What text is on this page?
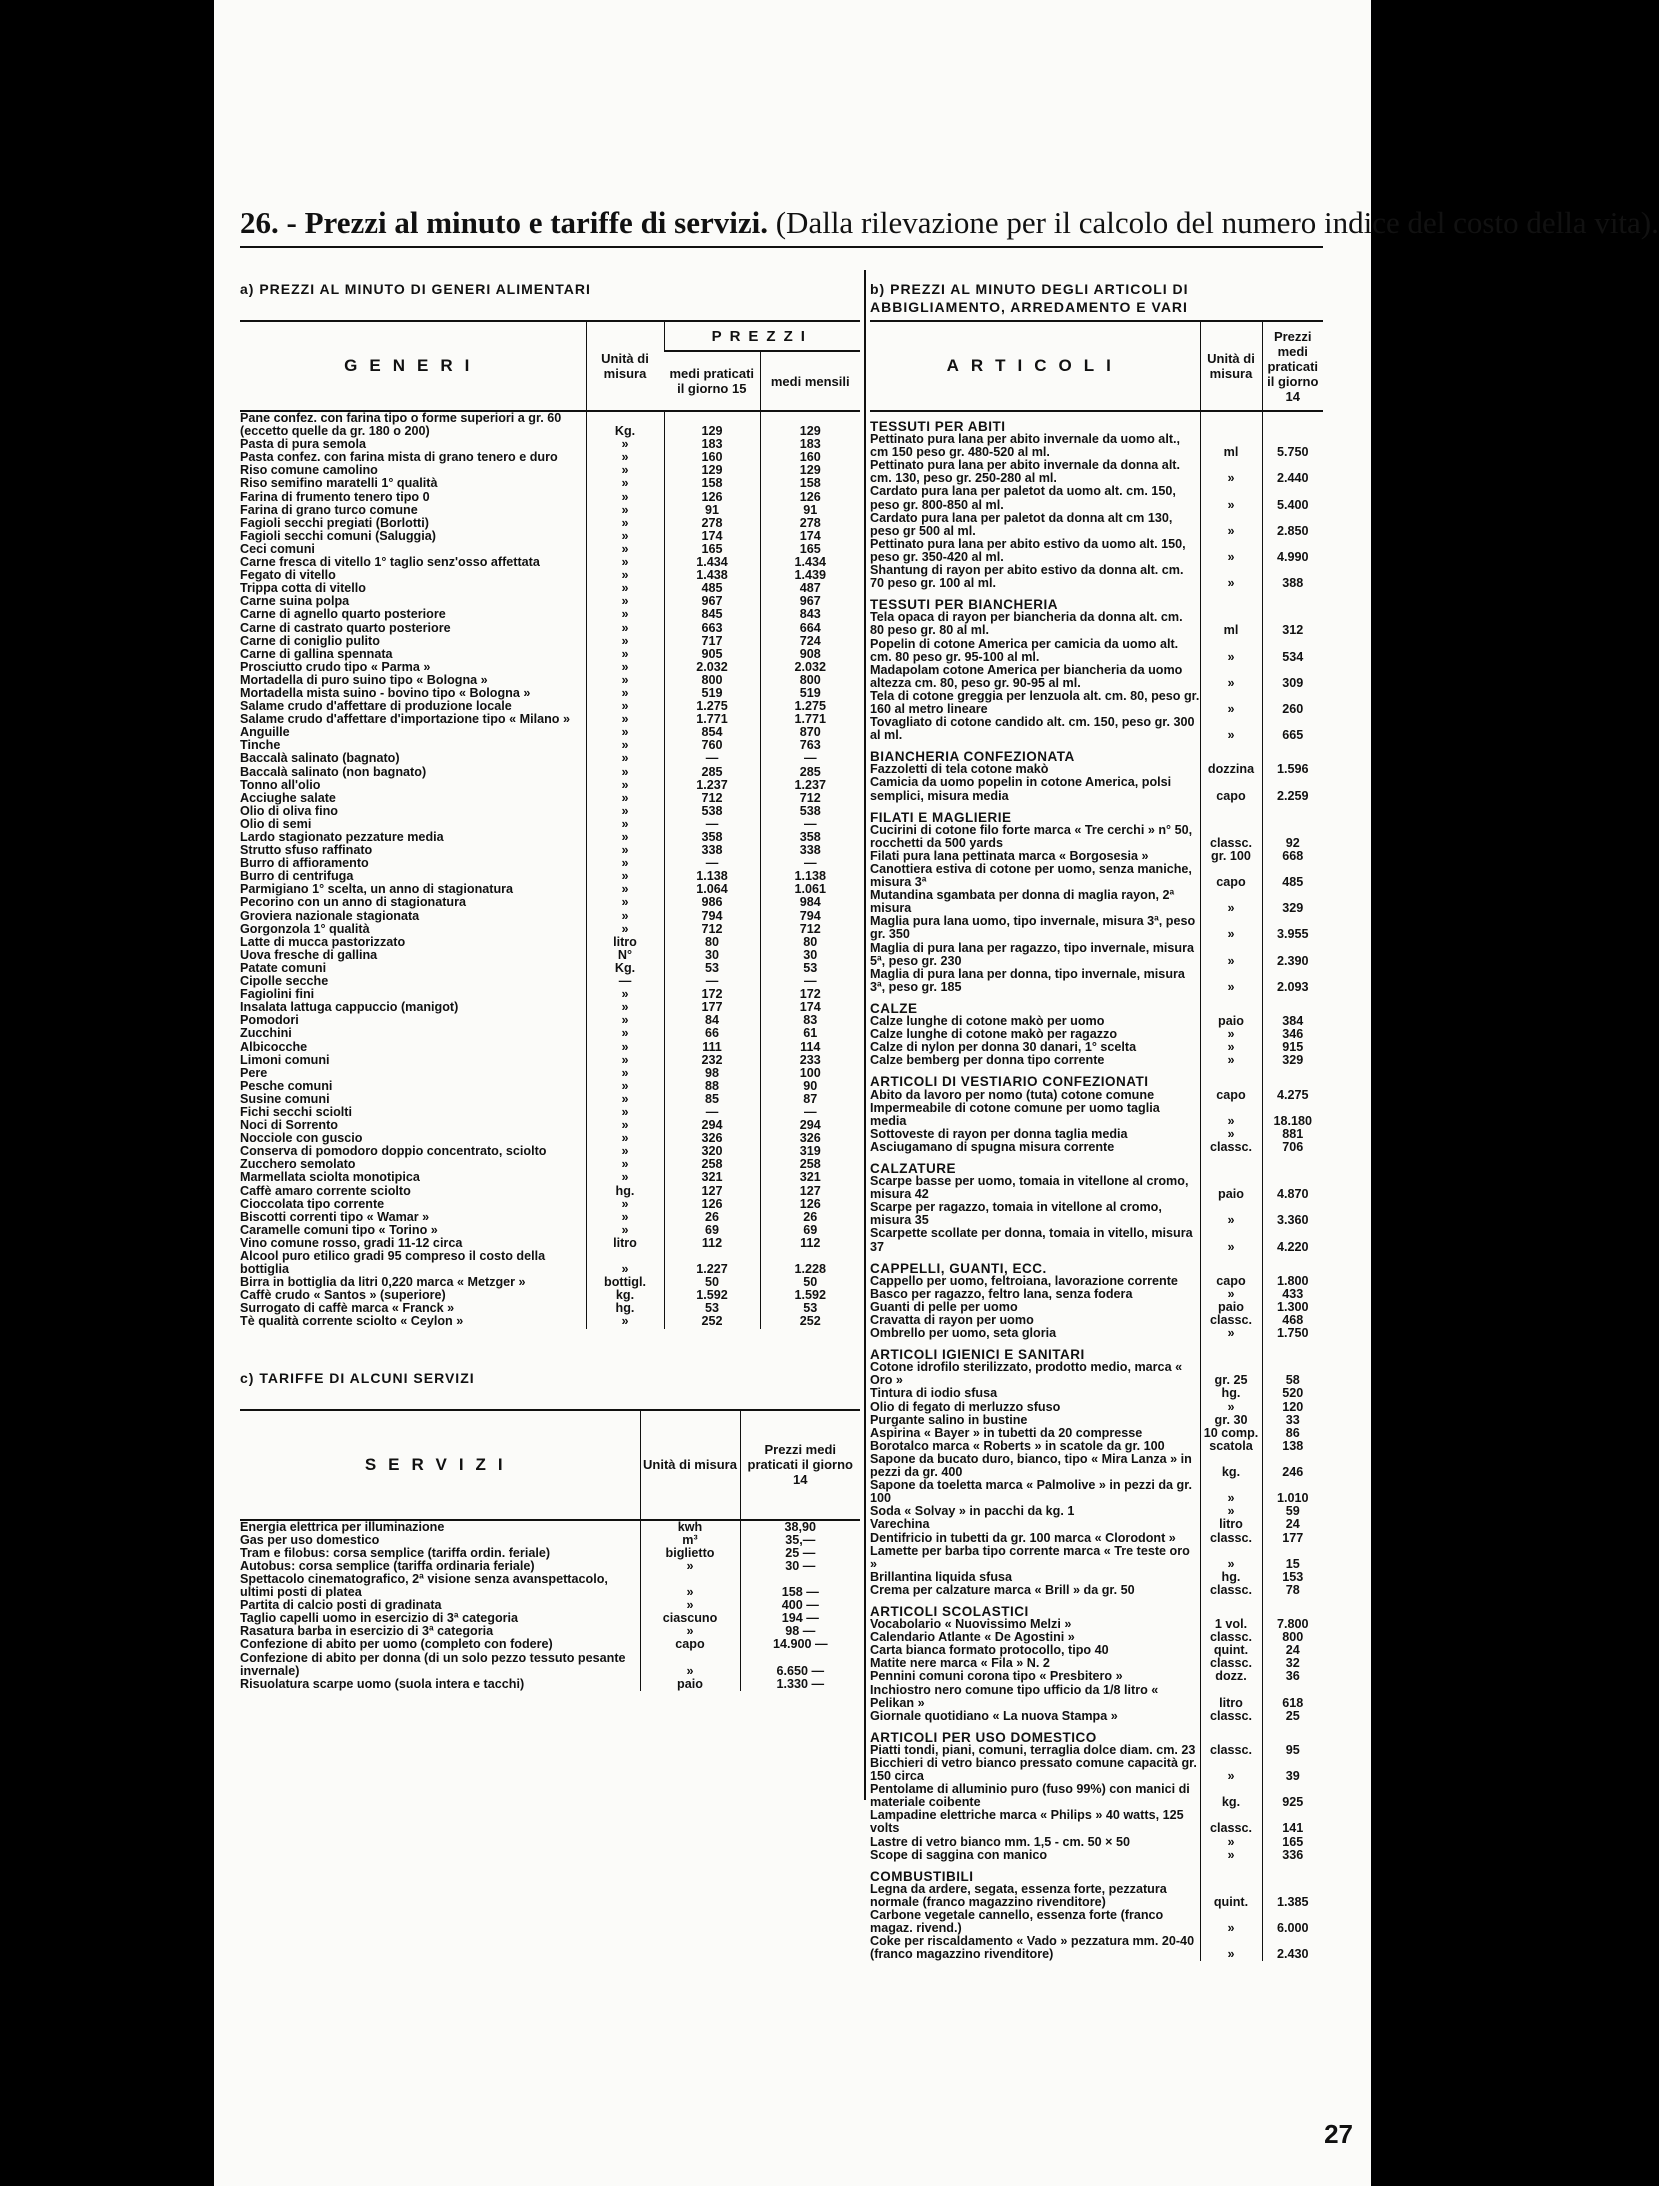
26. - Prezzi al minuto e tariffe di servizi. (Dalla rilevazione per il calcolo del numero indice del costo della vita).
a) PREZZI AL MINUTO DI GENERI ALIMENTARI
GENERI	Unità di misura	PREZZI	
		medi praticati il giorno 15	medi mensili
Pane confez. con farina tipo o forme superiori a gr. 60 (eccetto quelle da gr. 180 o 200)	Kg.	129	129
Pasta di pura semola	»	183	183
Pasta confez. con farina mista di grano tenero e duro	»	160	160
Riso comune camolino	»	129	129
Riso semifino maratelli 1° qualità	»	158	158
Farina di frumento tenero tipo 0	»	126	126
Farina di grano turco comune	»	91	91
Fagioli secchi pregiati (Borlotti)	»	278	278
Fagioli secchi comuni (Saluggia)	»	174	174
Ceci comuni	»	165	165
Carne fresca di vitello 1° taglio senz'osso affettata	»	1.434	1.434
Fegato di vitello	»	1.438	1.439
Trippa cotta di vitello	»	485	487
Carne suina polpa	»	967	967
Carne di agnello quarto posteriore	»	845	843
Carne di castrato quarto posteriore	»	663	664
Carne di coniglio pulito	»	717	724
Carne di gallina spennata	»	905	908
Prosciutto crudo tipo « Parma »	»	2.032	2.032
Mortadella di puro suino tipo « Bologna »	»	800	800
Mortadella mista suino - bovino tipo « Bologna »	»	519	519
Salame crudo d'affettare di produzione locale	»	1.275	1.275
Salame crudo d'affettare d'importazione tipo « Milano »	»	1.771	1.771
Anguille	»	854	870
Tinche	»	760	763
Baccalà salinato (bagnato)	»	—	—
Baccalà salinato (non bagnato)	»	285	285
Tonno all'olio	»	1.237	1.237
Acciughe salate	»	712	712
Olio di oliva fino	»	538	538
Olio di semi	»	—	—
Lardo stagionato pezzature media	»	358	358
Strutto sfuso raffinato	»	338	338
Burro di affioramento	»	—	—
Burro di centrifuga	»	1.138	1.138
Parmigiano 1° scelta, un anno di stagionatura	»	1.064	1.061
Pecorino con un anno di stagionatura	»	986	984
Groviera nazionale stagionata	»	794	794
Gorgonzola 1° qualità	»	712	712
Latte di mucca pastorizzato	litro	80	80
Uova fresche di gallina	N°	30	30
Patate comuni	Kg.	53	53
Cipolle secche	—	—	—
Fagiolini fini	»	172	172
Insalata lattuga cappuccio (manigot)	»	177	174
Pomodori	»	84	83
Zucchini	»	66	61
Albicocche	»	111	114
Limoni comuni	»	232	233
Pere	»	98	100
Pesche comuni	»	88	90
Susine comuni	»	85	87
Fichi secchi sciolti	»	—	—
Noci di Sorrento	»	294	294
Nocciole con guscio	»	326	326
Conserva di pomodoro doppio concentrato, sciolto	»	320	319
Zucchero semolato	»	258	258
Marmellata sciolta monotipica	»	321	321
Caffè amaro corrente sciolto	hg.	127	127
Cioccolata tipo corrente	»	126	126
Biscotti correnti tipo « Wamar »	»	26	26
Caramelle comuni tipo « Torino »	»	69	69
Vino comune rosso, gradi 11-12 circa	litro	112	112
Alcool puro etilico gradi 95 compreso il costo della bottiglia	»	1.227	1.228
Birra in bottiglia da litri 0,220 marca « Metzger »	bottigl.	50	50
Caffè crudo « Santos » (superiore)	kg.	1.592	1.592
Surrogato di caffè marca « Franck »	hg.	53	53
Tè qualità corrente sciolto « Ceylon »	»	252	252
c) TARIFFE DI ALCUNI SERVIZI
SERVIZI	Unità di misura	Prezzi medi praticati il giorno 14
Energia elettrica per illuminazione	kwh	38,90
Gas per uso domestico	m³	35,—
Tram e filobus: corsa semplice (tariffa ordin. feriale)	biglietto	25 —
Autobus: corsa semplice (tariffa ordinaria feriale)	»	30 —
Spettacolo cinematografico, 2ª visione senza avanspettacolo, ultimi posti di platea	»	158 —
Partita di calcio posti di gradinata	»	400 —
Taglio capelli uomo in esercizio di 3ª categoria	ciascuno	194 —
Rasatura barba in esercizio di 3ª categoria	»	98 —
Confezione di abito per uomo (completo con fodere)	capo	14.900 —
Confezione di abito per donna (di un solo pezzo tessuto pesante invernale)	»	6.650 —
Risuolatura scarpe uomo (suola intera e tacchi)	paio	1.330 —
b) PREZZI AL MINUTO DEGLI ARTICOLI DI ABBIGLIAMENTO, ARREDAMENTO E VARI
ARTICOLI	Unità di misura	Prezzi medi praticati il giorno 14
TESSUTI PER ABITI		
Pettinato pura lana per abito invernale da uomo alt., cm 150 peso gr. 480-520 al ml.	ml	5.750
Pettinato pura lana per abito invernale da donna alt. cm. 130, peso gr. 250-280 al ml.	»	2.440
Cardato pura lana per paletot da uomo alt. cm. 150, peso gr. 800-850 al ml.	»	5.400
Cardato pura lana per paletot da donna alt cm 130, peso gr 500 al ml.	»	2.850
Pettinato pura lana per abito estivo da uomo alt. 150, peso gr. 350-420 al ml.	»	4.990
Shantung di rayon per abito estivo da donna alt. cm. 70 peso gr. 100 al ml.	»	388
TESSUTI PER BIANCHERIA		
Tela opaca di rayon per biancheria da donna alt. cm. 80 peso gr. 80 al ml.	ml	312
Popelin di cotone America per camicia da uomo alt. cm. 80 peso gr. 95-100 al ml.	»	534
Madapolam cotone America per biancheria da uomo altezza cm. 80, peso gr. 90-95 al ml.	»	309
Tela di cotone greggia per lenzuola alt. cm. 80, peso gr. 160 al metro lineare	»	260
Tovagliato di cotone candido alt. cm. 150, peso gr. 300 al ml.	»	665
BIANCHERIA CONFEZIONATA		
Fazzoletti di tela cotone makò	dozzina	1.596
Camicia da uomo popelin in cotone America, polsi semplici, misura media	capo	2.259
FILATI E MAGLIERIE		
Cucirini di cotone filo forte marca « Tre cerchi » n° 50, rocchetti da 500 yards	classc.	92
Filati pura lana pettinata marca « Borgosesia »	gr. 100	668
Canottiera estiva di cotone per uomo, senza maniche, misura 3ª	capo	485
Mutandina sgambata per donna di maglia rayon, 2ª misura	»	329
Maglia pura lana uomo, tipo invernale, misura 3ª, peso gr. 350	»	3.955
Maglia di pura lana per ragazzo, tipo invernale, misura 5ª, peso gr. 230	»	2.390
Maglia di pura lana per donna, tipo invernale, misura 3ª, peso gr. 185	»	2.093
CALZE		
Calze lunghe di cotone makò per uomo	paio	384
Calze lunghe di cotone makò per ragazzo	»	346
Calze di nylon per donna 30 danari, 1° scelta	»	915
Calze bemberg per donna tipo corrente	»	329
ARTICOLI DI VESTIARIO CONFEZIONATI		
Abito da lavoro per nomo (tuta) cotone comune	capo	4.275
Impermeabile di cotone comune per uomo taglia media	»	18.180
Sottoveste di rayon per donna taglia media	»	881
Asciugamano di spugna misura corrente	classc.	706
CALZATURE		
Scarpe basse per uomo, tomaia in vitellone al cromo, misura 42	paio	4.870
Scarpe per ragazzo, tomaia in vitellone al cromo, misura 35	»	3.360
Scarpette scollate per donna, tomaia in vitello, misura 37	»	4.220
CAPPELLI, GUANTI, ECC.		
Cappello per uomo, feltroiana, lavorazione corrente	capo	1.800
Basco per ragazzo, feltro lana, senza fodera	»	433
Guanti di pelle per uomo	paio	1.300
Cravatta di rayon per uomo	classc.	468
Ombrello per uomo, seta gloria	»	1.750
ARTICOLI IGIENICI E SANITARI		
Cotone idrofilo sterilizzato, prodotto medio, marca « Oro »	gr. 25	58
Tintura di iodio sfusa	hg.	520
Olio di fegato di merluzzo sfuso	»	120
Purgante salino in bustine	gr. 30	33
Aspirina « Bayer » in tubetti da 20 compresse	10 comp.	86
Borotalco marca « Roberts » in scatole da gr. 100	scatola	138
Sapone da bucato duro, bianco, tipo « Mira Lanza » in pezzi da gr. 400	kg.	246
Sapone da toeletta marca « Palmolive » in pezzi da gr. 100	»	1.010
Soda « Solvay » in pacchi da kg. 1	»	59
Varechina	litro	24
Dentifricio in tubetti da gr. 100 marca « Clorodont »	classc.	177
Lamette per barba tipo corrente marca « Tre teste oro »	»	15
Brillantina liquida sfusa	hg.	153
Crema per calzature marca « Brill » da gr. 50	classc.	78
ARTICOLI SCOLASTICI		
Vocabolario « Nuovissimo Melzi »	1 vol.	7.800
Calendario Atlante « De Agostini »	classc.	800
Carta bianca formato protocollo, tipo 40	quint.	24
Matite nere marca « Fila » N. 2	classc.	32
Pennini comuni corona tipo « Presbitero »	dozz.	36
Inchiostro nero comune tipo ufficio da 1/8 litro « Pelikan »	litro	618
Giornale quotidiano « La nuova Stampa »	classc.	25
ARTICOLI PER USO DOMESTICO		
Piatti tondi, piani, comuni, terraglia dolce diam. cm. 23	classc.	95
Bicchieri di vetro bianco pressato comune capacità gr. 150 circa	»	39
Pentolame di alluminio puro (fuso 99%) con manici di materiale coibente	kg.	925
Lampadine elettriche marca « Philips » 40 watts, 125 volts	classc.	141
Lastre di vetro bianco mm. 1,5 - cm. 50 × 50	»	165
Scope di saggina con manico	»	336
COMBUSTIBILI		
Legna da ardere, segata, essenza forte, pezzatura normale (franco magazzino rivenditore)	quint.	1.385
Carbone vegetale cannello, essenza forte (franco magaz. rivend.)	»	6.000
Coke per riscaldamento « Vado » pezzatura mm. 20-40 (franco magazzino rivenditore)	»	2.430
27
